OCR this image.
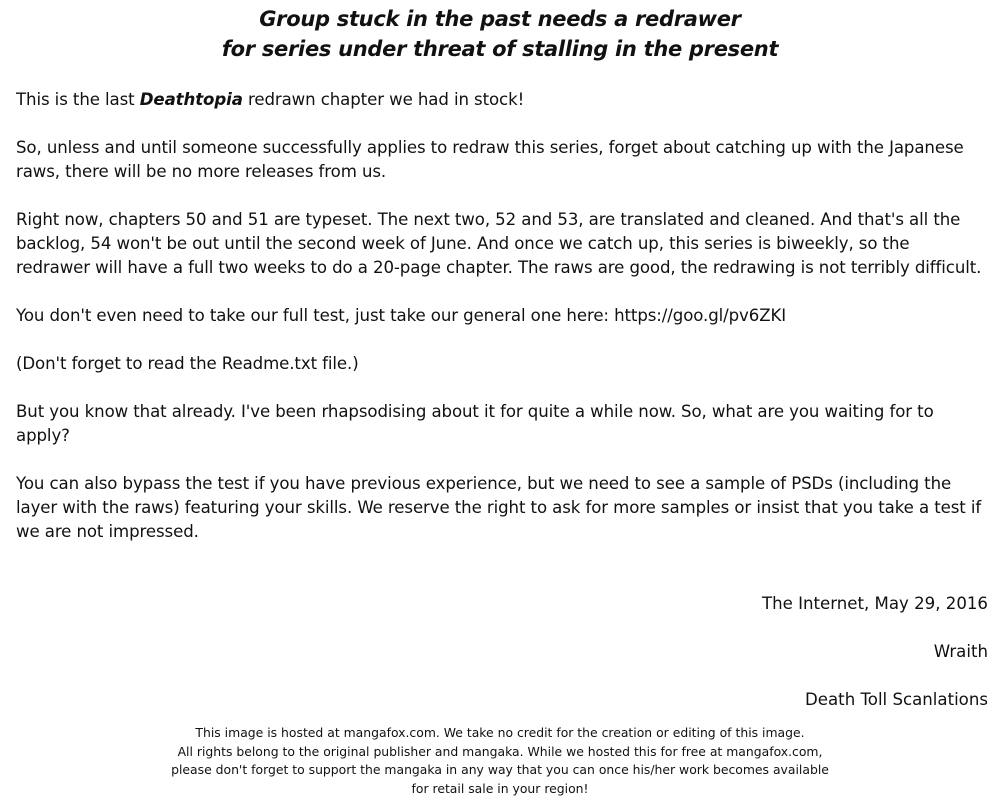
Group stuck in the past needs a redrawer
for series under threat of stalling in the present

This is the last Deathtopia redrawn chapter we had in stock!

So, unless and until someone successfully applies to redraw this series, forget about catching up with the Japanese raws, there will be no more releases from us.

Right now, chapters 50 and 51 are typeset. The next two, 52 and 53, are translated and cleaned. And that's all the backlog, 54 won't be out until the second week of June. And once we catch up, this series is biweekly, so the redrawer will have a full two weeks to do a 20-page chapter. The raws are good, the redrawing is not terribly difficult.

You don't even need to take our full test, just take our general one here: https://goo.gl/pv6ZKI

(Don't forget to read the Readme.txt file.)

But you know that already. I've been rhapsodising about it for quite a while now. So, what are you waiting for to apply?

You can also bypass the test if you have previous experience, but we need to see a sample of PSDs (including the layer with the raws) featuring your skills. We reserve the right to ask for more samples or insist that you take a test if we are not impressed.

The Internet, May 29, 2016
Wraith
Death Toll Scanlations
This image is hosted at mangafox.com. We take no credit for the creation or editing of this image.
All rights belong to the original publisher and mangaka. While we hosted this for free at mangafox.com,
please don't forget to support the mangaka in any way that you can once his/her work becomes available
for retail sale in your region!
